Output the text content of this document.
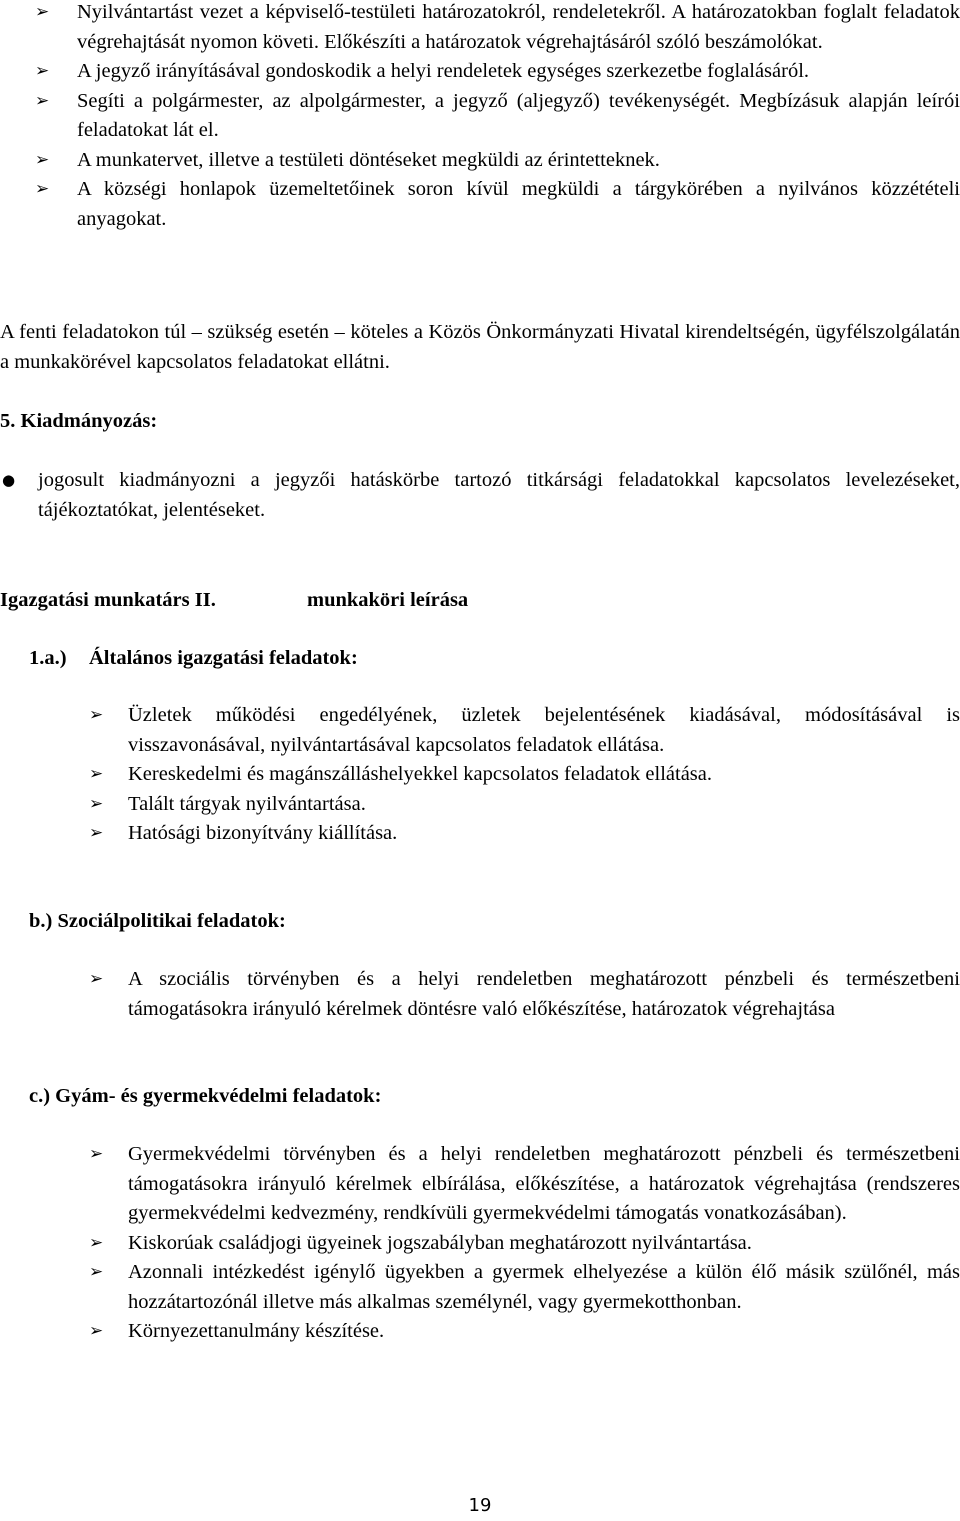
➢ Nyilvántartást vezet a képviselő-testületi határozatokról, rendeletekről. A határozatokban foglalt feladatok végrehajtását nyomon követi. Előkészíti a határozatok végrehajtásáról szóló beszámolókat.
➢ A jegyző irányításával gondoskodik a helyi rendeletek egységes szerkezetbe foglalásáról.
➢ Segíti a polgármester, az alpolgármester, a jegyző (aljegyző) tevékenységét. Megbízásuk alapján leírói feladatokat lát el.
➢ A munkatervet, illetve a testületi döntéseket megküldi az érintetteknek.
➢ A községi honlapok üzemeltetőinek soron kívül megküldi a tárgykörében a nyilvános közzétételi anyagokat.
A fenti feladatokon túl – szükség esetén – köteles a Közös Önkormányzati Hivatal kirendeltségén, ügyfélszolgálatán a munkakörével kapcsolatos feladatokat ellátni.
5. Kiadmányozás:
● jogosult kiadmányozni a jegyzői hatáskörbe tartozó titkársági feladatokkal kapcsolatos levelezéseket, tájékoztatókat, jelentéseket.
Igazgatási munkatárs II.	munkaköri leírása
1.a.) Általános igazgatási feladatok:
➢ Üzletek működési engedélyének, üzletek bejelentésének kiadásával, módosításával is visszavonásával, nyilvántartásával kapcsolatos feladatok ellátása.
➢ Kereskedelmi és magánszálláshelyekkel kapcsolatos feladatok ellátása.
➢ Talált tárgyak nyilvántartása.
➢ Hatósági bizonyítvány kiállítása.
b.) Szociálpolitikai feladatok:
➢ A szociális törvényben és a helyi rendeletben meghatározott pénzbeli és természetbeni támogatásokra irányuló kérelmek döntésre való előkészítése, határozatok végrehajtása
c.) Gyám- és gyermekvédelmi feladatok:
➢ Gyermekvédelmi törvényben és a helyi rendeletben meghatározott pénzbeli és természetbeni támogatásokra irányuló kérelmek elbírálása, előkészítése, a határozatok végrehajtása (rendszeres gyermekvédelmi kedvezmény, rendkívüli gyermekvédelmi támogatás vonatkozásában).
➢ Kiskorúak családjogi ügyeinek jogszabályban meghatározott nyilvántartása.
➢ Azonnali intézkedést igénylő ügyekben a gyermek elhelyezése a külön élő másik szülőnél, más hozzátartozónál illetve más alkalmas személynél, vagy gyermekotthonban.
➢ Környezettanulmány készítése.
19
